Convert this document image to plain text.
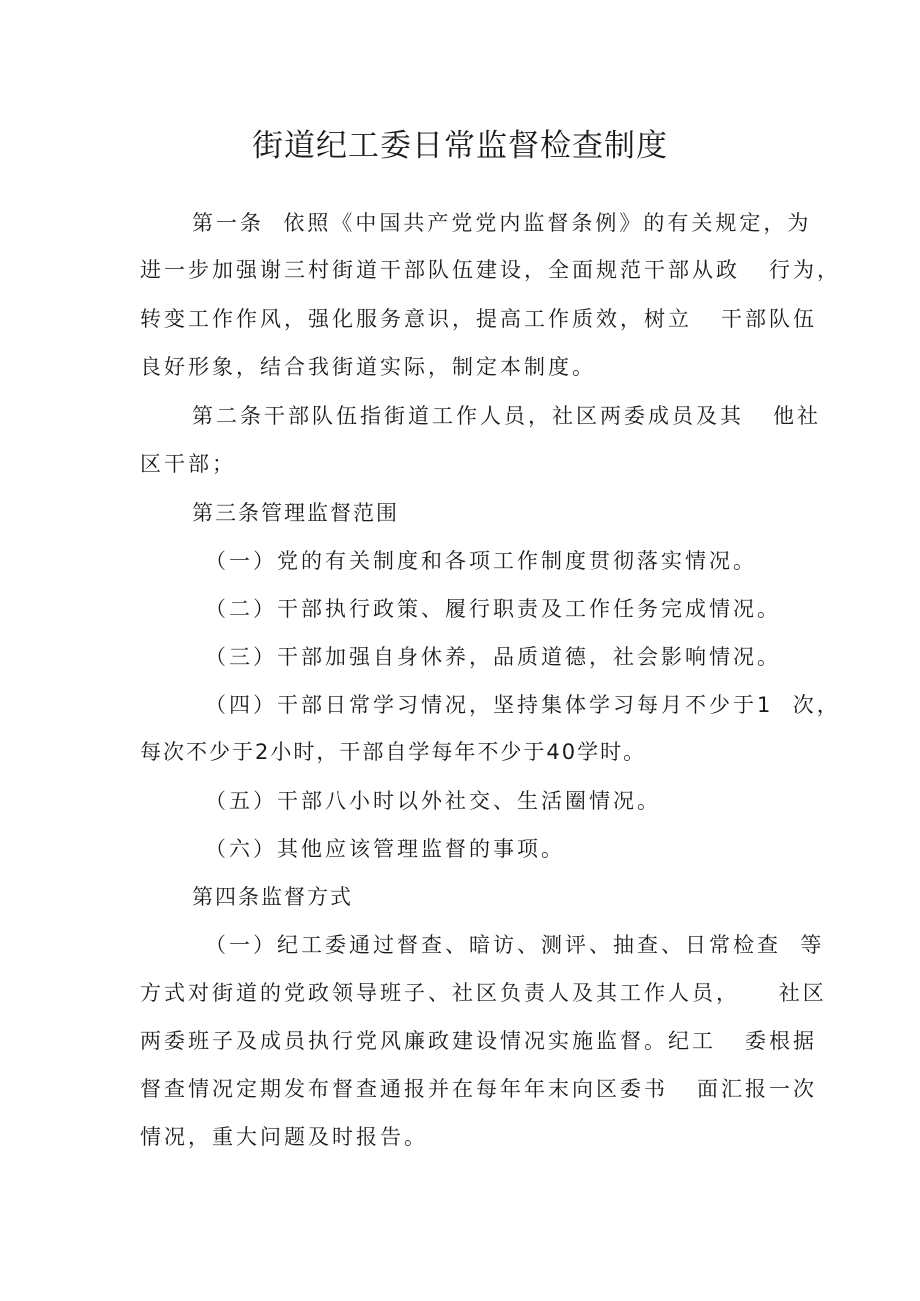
街道纪工委日常监督检查制度

第一条  依照《中国共产党党内监督条例》的有关规定，为

进一步加强谢三村街道干部队伍建设，全面规范干部从政   行为，

转变工作作风，强化服务意识，提高工作质效，树立   干部队伍

良好形象，结合我街道实际，制定本制度。

第二条干部队伍指街道工作人员，社区两委成员及其   他社

区干部；

第三条管理监督范围

（一）党的有关制度和各项工作制度贯彻落实情况。

（二）干部执行政策、履行职责及工作任务完成情况。

（三）干部加强自身休养，品质道德，社会影响情况。

（四）干部日常学习情况，坚持集体学习每月不少于1  次，

每次不少于2小时，干部自学每年不少于40学时。

（五）干部八小时以外社交、生活圈情况。

（六）其他应该管理监督的事项。

第四条监督方式

（一）纪工委通过督查、暗访、测评、抽查、日常检查  等

方式对街道的党政领导班子、社区负责人及其工作人员，    社区

两委班子及成员执行党风廉政建设情况实施监督。纪工   委根据

督查情况定期发布督查通报并在每年年末向区委书   面汇报一次

情况，重大问题及时报告。
